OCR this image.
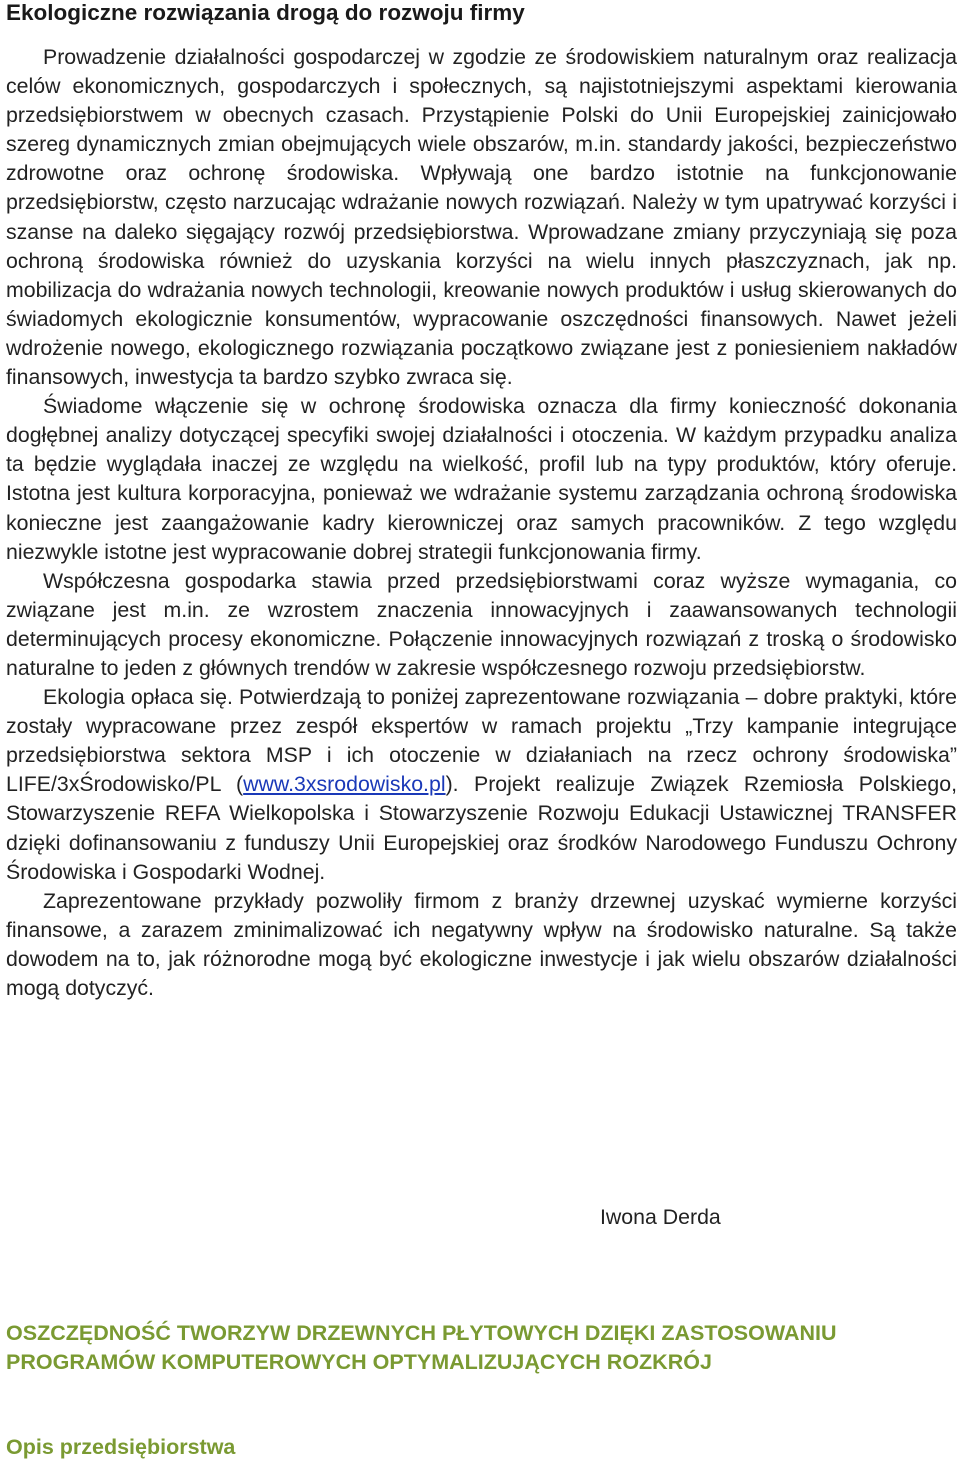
Ekologiczne rozwiązania drogą do rozwoju firmy

Prowadzenie działalności gospodarczej w zgodzie ze środowiskiem naturalnym oraz realizacja celów ekonomicznych, gospodarczych i społecznych, są najistotniejszymi aspektami kierowania przedsiębiorstwem w obecnych czasach. Przystąpienie Polski do Unii Europejskiej zainicjowało szereg dynamicznych zmian obejmujących wiele obszarów, m.in. standardy jakości, bezpieczeństwo zdrowotne oraz ochronę środowiska. Wpływają one bardzo istotnie na funkcjonowanie przedsiębiorstw, często narzucając wdrażanie nowych rozwiązań. Należy w tym upatrywać korzyści i szanse na daleko sięgający rozwój przedsiębiorstwa. Wprowadzane zmiany przyczyniają się poza ochroną środowiska również do uzyskania korzyści na wielu innych płaszczyznach, jak np. mobilizacja do wdrażania nowych technologii, kreowanie nowych produktów i usług skierowanych do świadomych ekologicznie konsumentów, wypracowanie oszczędności finansowych. Nawet jeżeli wdrożenie nowego, ekologicznego rozwiązania początkowo związane jest z poniesieniem nakładów finansowych, inwestycja ta bardzo szybko zwraca się.

Świadome włączenie się w ochronę środowiska oznacza dla firmy konieczność dokonania dogłębnej analizy dotyczącej specyfiki swojej działalności i otoczenia. W każdym przypadku analiza ta będzie wyglądała inaczej ze względu na wielkość, profil lub na typy produktów, który oferuje. Istotna jest kultura korporacyjna, ponieważ we wdrażanie systemu zarządzania ochroną środowiska konieczne jest zaangażowanie kadry kierowniczej oraz samych pracowników. Z tego względu niezwykle istotne jest wypracowanie dobrej strategii funkcjonowania firmy.

Współczesna gospodarka stawia przed przedsiębiorstwami coraz wyższe wymagania, co związane jest m.in. ze wzrostem znaczenia innowacyjnych i zaawansowanych technologii determinujących procesy ekonomiczne. Połączenie innowacyjnych rozwiązań z troską o środowisko naturalne to jeden z głównych trendów w zakresie współczesnego rozwoju przedsiębiorstw.

Ekologia opłaca się. Potwierdzają to poniżej zaprezentowane rozwiązania – dobre praktyki, które zostały wypracowane przez zespół ekspertów w ramach projektu „Trzy kampanie integrujące przedsiębiorstwa sektora MSP i ich otoczenie w działaniach na rzecz ochrony środowiska” LIFE/3xŚrodowisko/PL (www.3xsrodowisko.pl). Projekt realizuje Związek Rzemiosła Polskiego, Stowarzyszenie REFA Wielkopolska i Stowarzyszenie Rozwoju Edukacji Ustawicznej TRANSFER dzięki dofinansowaniu z funduszy Unii Europejskiej oraz środków Narodowego Funduszu Ochrony Środowiska i Gospodarki Wodnej.

Zaprezentowane przykłady pozwoliły firmom z branży drzewnej uzyskać wymierne korzyści finansowe, a zarazem zminimalizować ich negatywny wpływ na środowisko naturalne. Są także dowodem na to, jak różnorodne mogą być ekologiczne inwestycje i jak wielu obszarów działalności mogą dotyczyć.

Iwona Derda
OSZCZĘDNOŚĆ TWORZYW DRZEWNYCH PŁYTOWYCH DZIĘKI ZASTOSOWANIU PROGRAMÓW KOMPUTEROWYCH OPTYMALIZUJĄCYCH ROZKRÓJ
Opis przedsiębiorstwa
